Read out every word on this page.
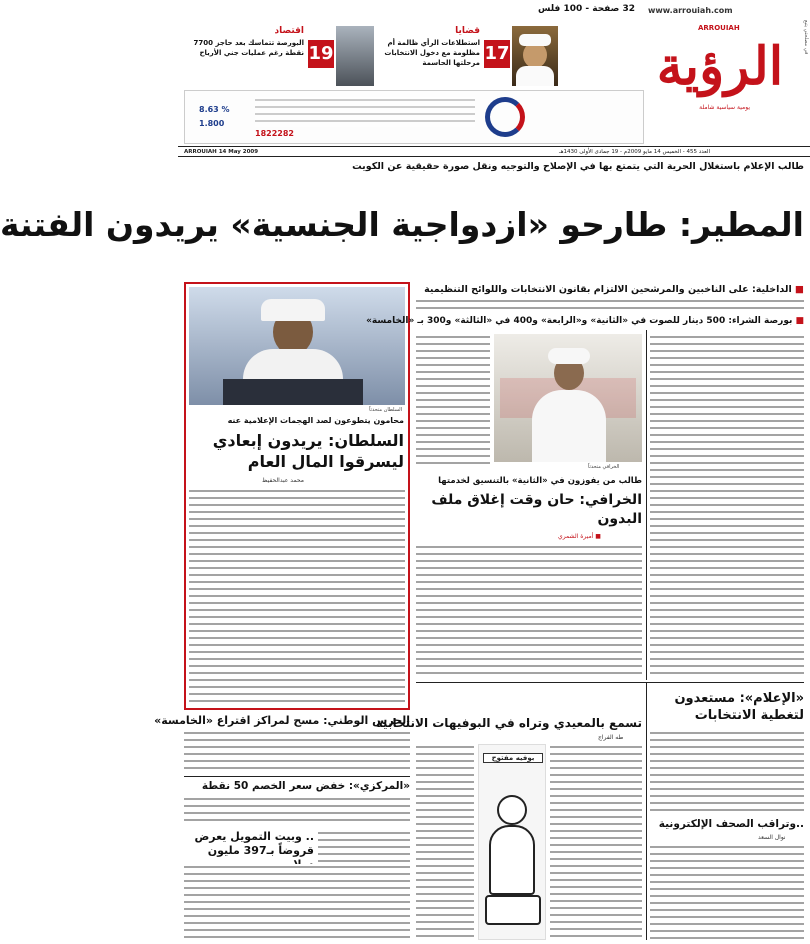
www.arrouiah.com
32 صفحة - 100 فلس
في مصلحتي يتبع
الرؤية
ARROUIAH
يومية سياسية شاملة
17
قضايا
استطلاعات الرأي ظالمة أم مظلومة مع دخول الانتخابات مرحلتها الحاسمة
19
اقتصاد
البورصة تتماسك بعد حاجز 7700 نقطة رغم عمليات جني الأرباح
1822282
8.63 %
1.800
العدد 455 - الخميس 14 مايو 2009م - 19 جمادى الأولى 1430هـ
ARROUIAH 14 May 2009
طالب الإعلام باستغلال الحرية التي يتمتع بها في الإصلاح والتوجيه ونقل صورة حقيقية عن الكويت
المطير: طارحو «ازدواجية الجنسية» يريدون الفتنة
السلطان متحدثاً
محامون يتطوعون لصد الهجمات الإعلامية عنه
السلطان: يريدون إبعادي ليسرقوا المال العام
محمد عبدالحفيظ
الحرس الوطني: مسح لمراكز اقتراع «الخامسة»
«المركزي»: خفض سعر الخصم 50 نقطة
.. وبيت التمويل يعرض قروضاً بـ397 مليون
■ الداخلية: على الناخبين والمرشحين الالتزام بقانون الانتخابات واللوائح التنظيمية
■ بورصة الشراء: 500 دينار للصوت في «الثانية» و«الرابعة» و400 في «الثالثة» و300 بـ «الخامسة»
الخرافي متحدثاً
طالب من يفوزون في «الثانية» بالتنسيق لخدمتها
الخرافي: حان وقت إغلاق ملف البدون
■ أميرة الشمري
تسمع بالمعيدي وتراه في البوفيهات الانتخابية
طه الفراج
بوفيه مفتوح
«الإعلام»: مستعدون لتغطية الانتخابات
..وتراقب الصحف الإلكترونية
نوال السعد
